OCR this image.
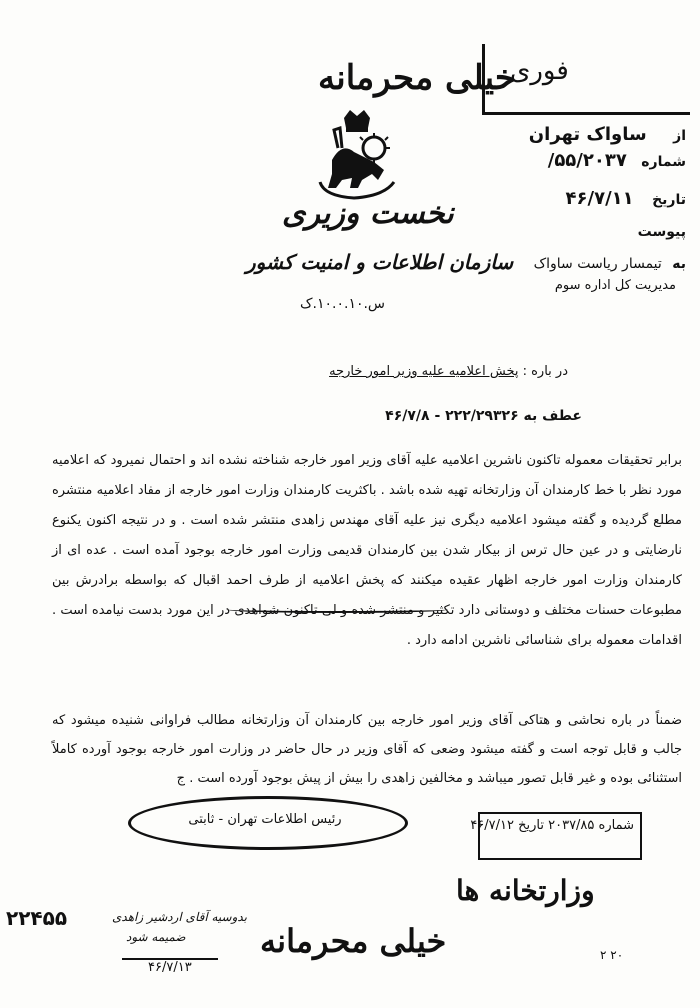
خیلی محرمانه
فوری
نخست وزیری
سازمان اطلاعات و امنیت کشور
س.۱۰.۰.۱۰.ک
از ساواک تهران
شماره ۵۵/۲۰۳۷/
تاریخ ۴۶/۷/۱۱
پیوست
به تیمسار ریاست ساواک
مدیریت کل اداره سوم
در باره : پخش اعلامیه علیه وزیر امور خارجه
عطف به ۲۲۲/۲۹۳۲۶ - ۴۶/۷/۸
برابر تحقیقات معموله تاکنون ناشرین اعلامیه علیه آقای وزیر امور خارجه شناخته نشده اند و احتمال نمیرود که اعلامیه مورد نظر با خط کارمندان آن وزارتخانه تهیه شده باشد . باکثریت کارمندان وزارت امور خارجه از مفاد اعلامیه منتشره مطلع گردیده و گفته میشود اعلامیه دیگری نیز علیه آقای مهندس زاهدی منتشر شده است . و در نتیجه اکنون یکنوع نارضایتی و در عین حال ترس از بیکار شدن بین کارمندان قدیمی وزارت امور خارجه بوجود آمده است . عده ای از کارمندان وزارت امور خارجه اظهار عقیده میکنند که پخش اعلامیه از طرف احمد اقبال که بواسطه برادرش بین مطبوعات حسنات مختلف و دوستانی دارد تکثیر و منتشر شده و لی تاکنون شواهدی در این مورد بدست نیامده است . اقدامات معموله برای شناسائی ناشرین ادامه دارد .
ضمناً در باره نحاشی و هتاکی آقای وزیر امور خارجه بین کارمندان آن وزارتخانه مطالب فراوانی شنیده میشود که جالب و قابل توجه است و گفته میشود وضعی که آقای وزیر در حال حاضر در وزارت امور خارجه بوجود آورده کاملاً استثنائی بوده و غیر قابل تصور میباشد و مخالفین زاهدی را بیش از پیش بوجود آورده است . ج
رئیس اطلاعات تهران - ثابتی	شماره ۲۰۳۷/۸۵ تاریخ ۴۶/۷/۱۲
وزارتخانه ها
خیلی محرمانه
۲۲۴۵۵	بدوسیه آقای اردشیر زاهدی
ضمیمه شود
۴۶/۷/۱۳
۲ ۲۰
